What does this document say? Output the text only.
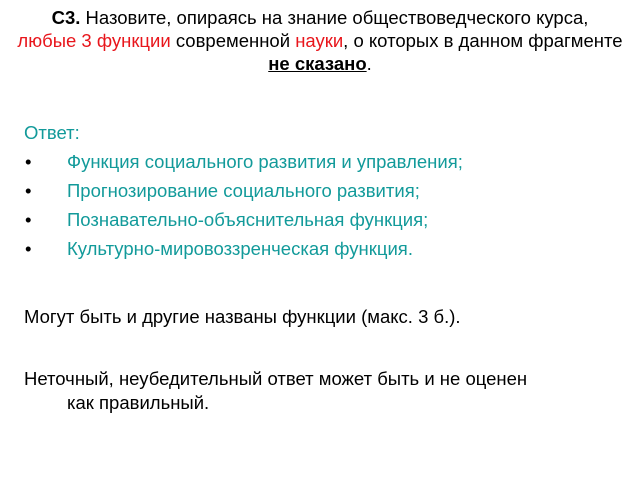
С3. Назовите, опираясь на знание обществоведческого курса,
любые 3 функции современной науки, о которых в данном фрагменте не сказано.
Ответ:
• Функция социального развития и управления;
• Прогнозирование социального развития;
• Познавательно-объяснительная функция;
• Культурно-мировоззренческая функция.
Могут быть и другие названы функции (макс. 3 б.).
Неточный, неубедительный ответ может быть и не оценен
как правильный.
